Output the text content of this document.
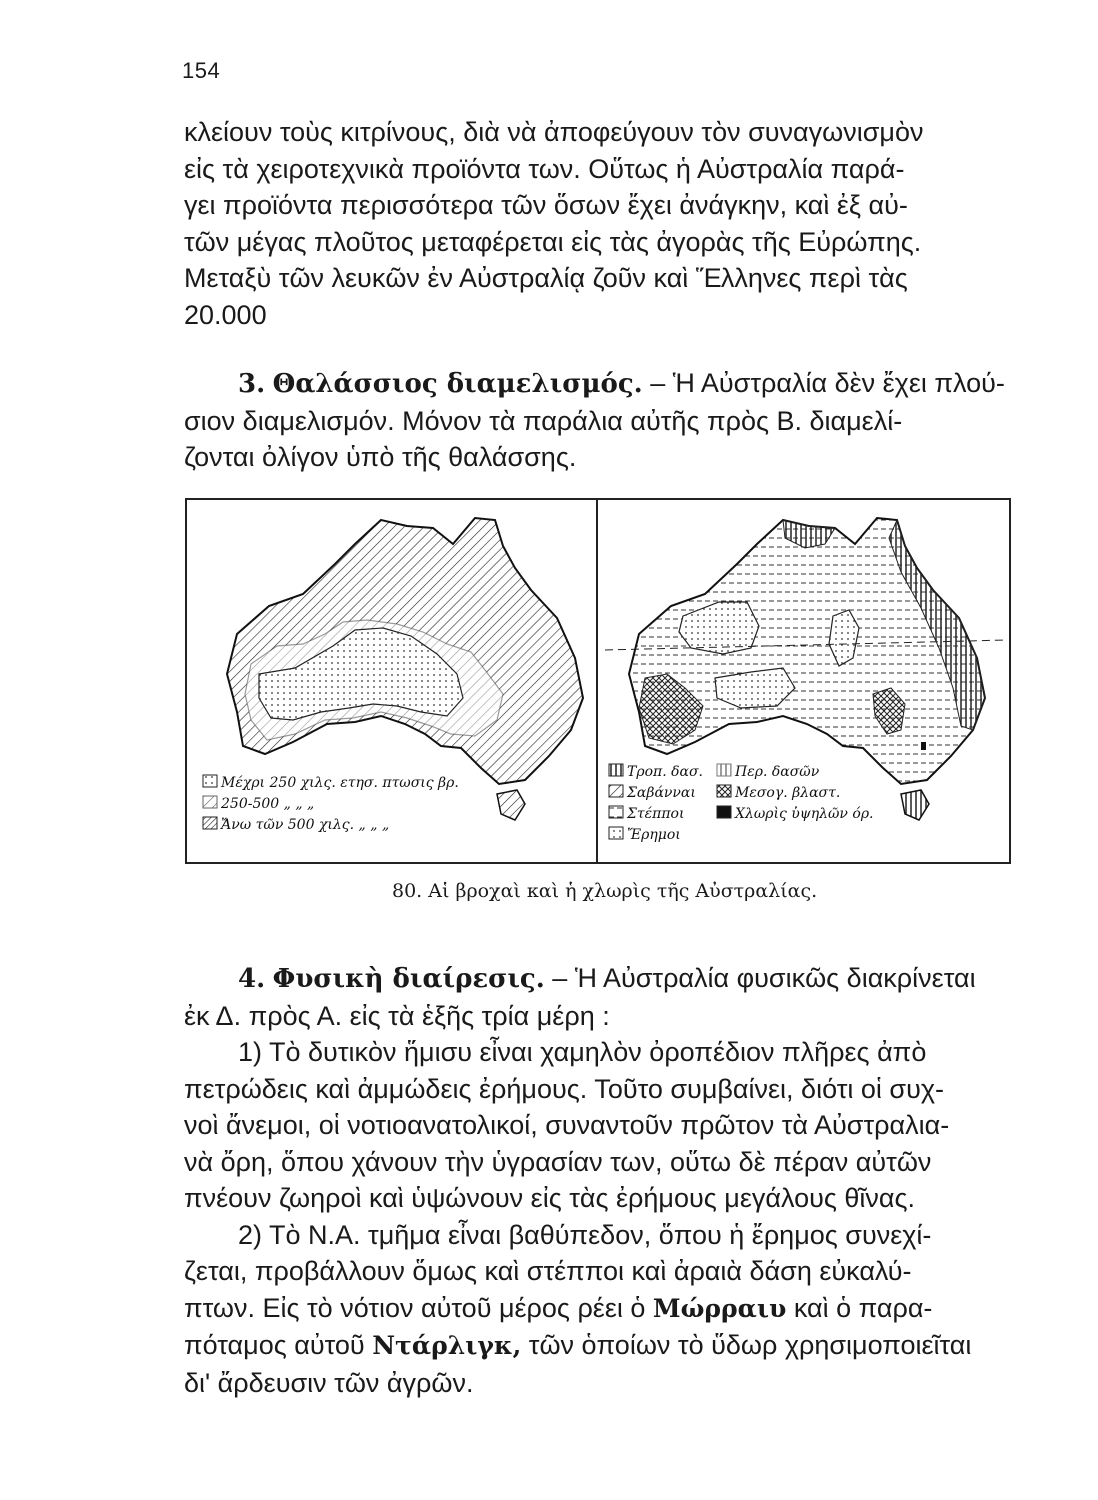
154
κλείουν τοὺς κιτρίνους, διὰ νὰ ἀποφεύγουν τὸν συναγωνισμὸν
εἰς τὰ χειροτεχνικὰ προϊόντα των. Οὕτως ἡ Αὐστραλία παρά-
γει προϊόντα περισσότερα τῶν ὅσων ἔχει ἀνάγκην, καὶ ἐξ αὐ-
τῶν μέγας πλοῦτος μεταφέρεται εἰς τὰς ἀγορὰς τῆς Εὐρώπης.
Μεταξὺ τῶν λευκῶν ἐν Αὐστραλίᾳ ζοῦν καὶ Ἕλληνες περὶ τὰς
20.000
3. Θαλάσσιος διαμελισμός. – Ἡ Αὐστραλία δὲν ἔχει πλού-
σιον διαμελισμόν. Μόνον τὰ παράλια αὐτῆς πρὸς Β. διαμελί-
ζονται ὀλίγον ὑπὸ τῆς θαλάσσης.
Μέχρι 250 χιλς. ετησ. πτωσις βρ.
250-500 „ „ „
Ἄνω τῶν 500 χιλς. „ „ „
Τροπ. δασ. Περ. δασῶν
Σαβάνναι	Μεσογ. βλαστ.
Στέπποι	Χλωρὶς ὑψηλῶν όρ.
Ἔρημοι
80. Αἱ βροχαὶ καὶ ἡ χλωρὶς τῆς Αὐστραλίας.
4. Φυσικὴ διαίρεσις. – Ἡ Αὐστραλία φυσικῶς διακρίνεται
ἐκ Δ. πρὸς Α. εἰς τὰ ἑξῆς τρία μέρη :
1) Τὸ δυτικὸν ἥμισυ εἶναι χαμηλὸν ὀροπέδιον πλῆρες ἀπὸ
πετρώδεις καὶ ἀμμώδεις ἐρήμους. Τοῦτο συμβαίνει, διότι οἱ συχ-
νοὶ ἄνεμοι, οἱ νοτιοανατολικοί, συναντοῦν πρῶτον τὰ Αὐστραλια-
νὰ ὄρη, ὅπου χάνουν τὴν ὑγρασίαν των, οὕτω δὲ πέραν αὐτῶν
πνέουν ζωηροὶ καὶ ὑψώνουν εἰς τὰς ἐρήμους μεγάλους θῖνας.
2) Τὸ Ν.Α. τμῆμα εἶναι βαθύπεδον, ὅπου ἡ ἔρημος συνεχί-
ζεται, προβάλλουν ὅμως καὶ στέπποι καὶ ἀραιὰ δάση εὐκαλύ-
πτων. Εἰς τὸ νότιον αὐτοῦ μέρος ρέει ὁ Μώρραιυ καὶ ὁ παρα-
πόταμος αὐτοῦ Ντάρλιγκ, τῶν ὁποίων τὸ ὕδωρ χρησιμοποιεῖται
δι' ἄρδευσιν τῶν ἀγρῶν.
